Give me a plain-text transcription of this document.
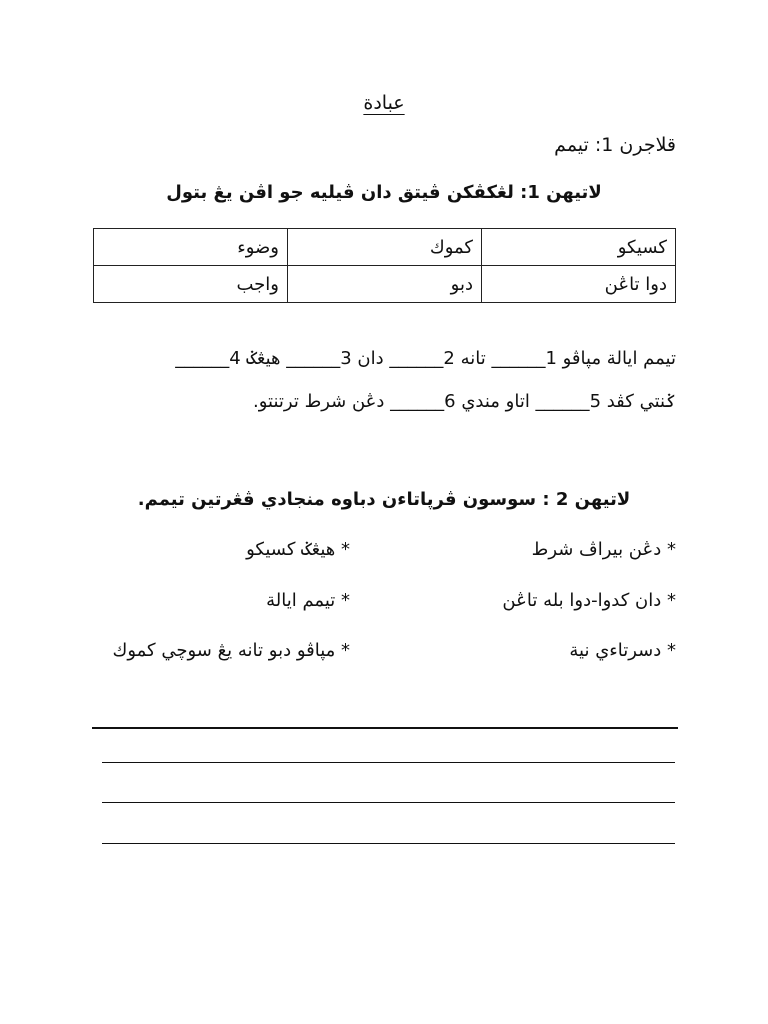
عبادة
قلاجرن 1: تيمم
لاتيهن 1: لڠكڤكن ڤيتق دان ڤيليه جو اڤن يڠ بتول
كسيكو	كموك	وضوء
دوا تاڠن	دبو	واجب
تيمم ايالة مپاڤو 1______ تانه 2______ دان 3______ هيڠݢ 4______
ݢنتي كڤد 5______ اتاو مندي 6______ دڠن شرط ترتنتو.
لاتيهن 2 : سوسون ڤرڽاتاءن دباوه منجادي ڤڠرتين تيمم.
* دڠن بيراڤ شرط
* هيڠݢ كسيكو
* دان كدوا-دوا بله تاڠن
* تيمم ايالة
* دسرتاءي نية
* مپاڤو دبو تانه يڠ سوچي كموك
